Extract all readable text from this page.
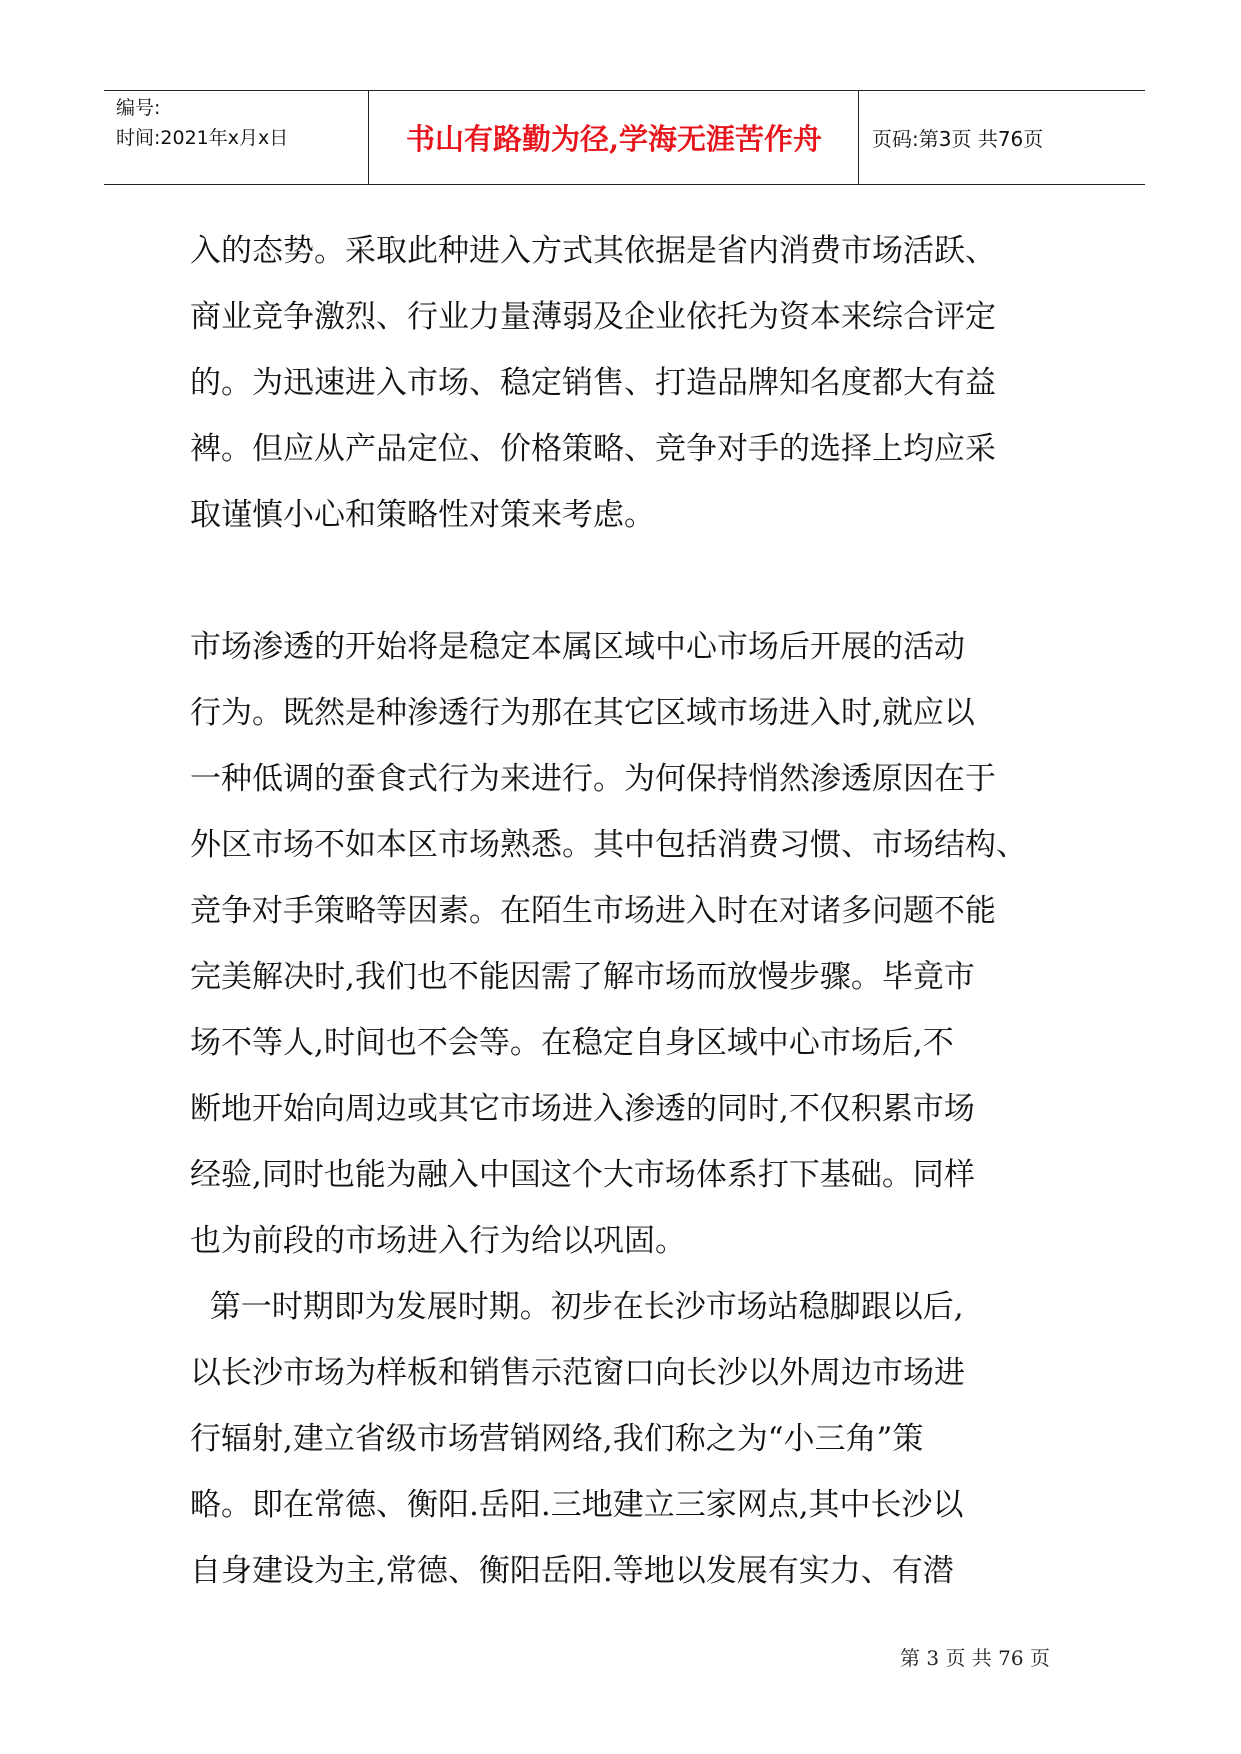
编号:
时间:2021年x月x日	书山有路勤为径,学海无涯苦作舟	页码:第3页 共76页

入的态势。采取此种进入方式其依据是省内消费市场活跃、
商业竞争激烈、行业力量薄弱及企业依托为资本来综合评定
的。为迅速进入市场、稳定销售、打造品牌知名度都大有益
裨。但应从产品定位、价格策略、竞争对手的选择上均应采
取谨慎小心和策略性对策来考虑。

市场渗透的开始将是稳定本属区域中心市场后开展的活动
行为。既然是种渗透行为那在其它区域市场进入时,就应以
一种低调的蚕食式行为来进行。为何保持悄然渗透原因在于
外区市场不如本区市场熟悉。其中包括消费习惯、市场结构、
竞争对手策略等因素。在陌生市场进入时在对诸多问题不能
完美解决时,我们也不能因需了解市场而放慢步骤。毕竟市
场不等人,时间也不会等。在稳定自身区域中心市场后,不
断地开始向周边或其它市场进入渗透的同时,不仅积累市场
经验,同时也能为融入中国这个大市场体系打下基础。同样
也为前段的市场进入行为给以巩固。

第一时期即为发展时期。初步在长沙市场站稳脚跟以后,
以长沙市场为样板和销售示范窗口向长沙以外周边市场进
行辐射,建立省级市场营销网络,我们称之为“小三角”策
略。即在常德、衡阳.岳阳.三地建立三家网点,其中长沙以
自身建设为主,常德、衡阳岳阳.等地以发展有实力、有潜

第 3 页 共 76 页
